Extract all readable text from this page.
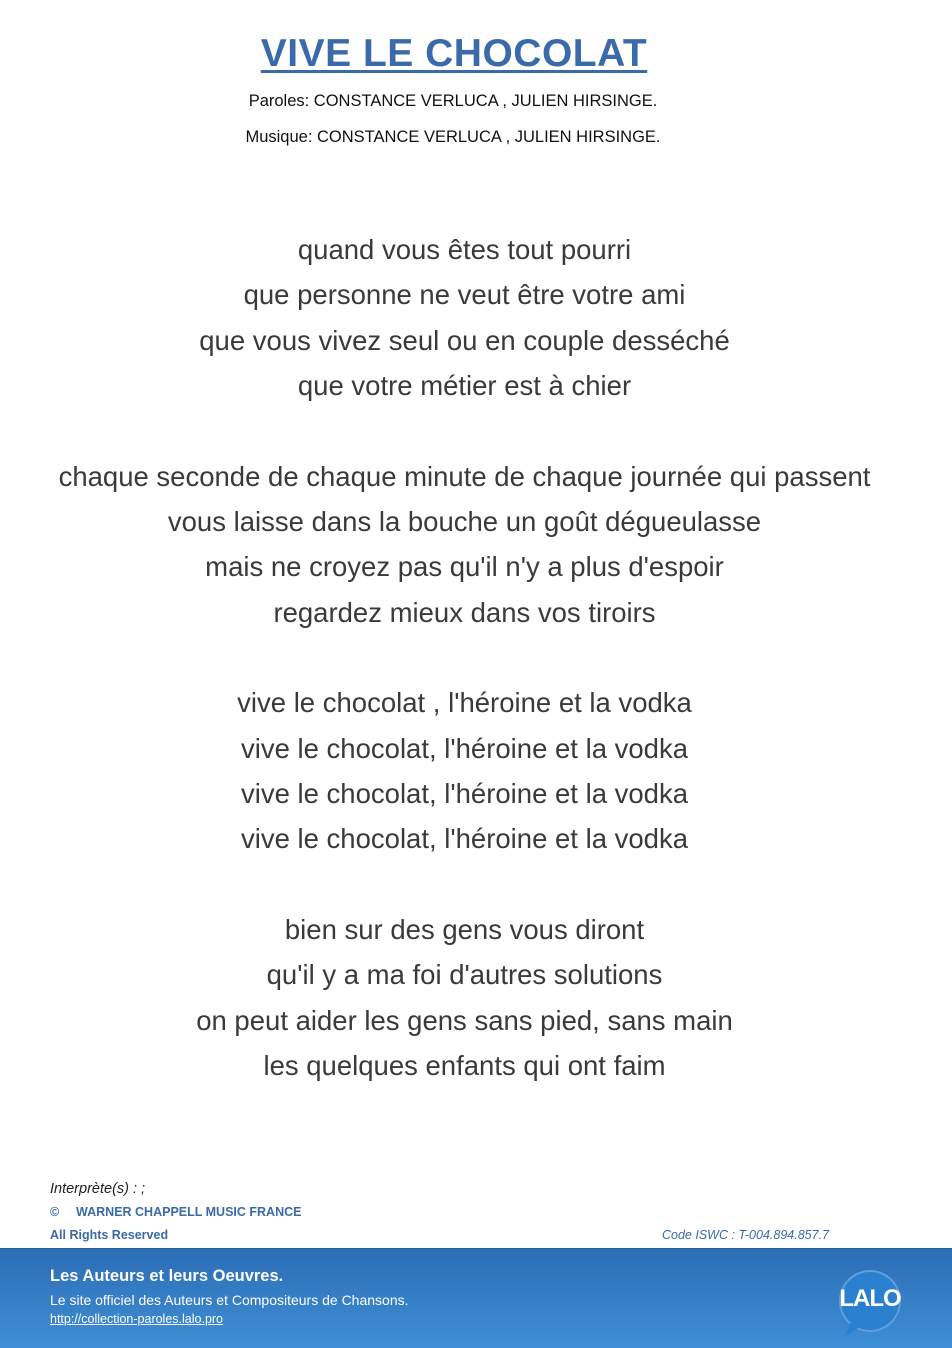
VIVE LE CHOCOLAT
Paroles: CONSTANCE VERLUCA , JULIEN HIRSINGE.
Musique: CONSTANCE VERLUCA , JULIEN HIRSINGE.
quand vous êtes tout pourri
que personne ne veut être votre ami
que vous vivez seul ou en couple desséché
que votre métier est à chier
chaque seconde de chaque minute de chaque journée qui passent
vous laisse dans la bouche un goût dégueulasse
mais ne croyez pas qu'il n'y a plus d'espoir
regardez mieux dans vos tiroirs
vive le chocolat , l'héroine et la vodka
vive le chocolat, l'héroine et la vodka
vive le chocolat, l'héroine et la vodka
vive le chocolat, l'héroine et la vodka
bien sur des gens vous diront
qu'il y a ma foi d'autres solutions
on peut aider les gens sans pied, sans main
les quelques enfants qui ont faim
Interprète(s) : ;
© WARNER CHAPPELL MUSIC FRANCE
All Rights Reserved	Code ISWC : T-004.894.857.7
Les Auteurs et leurs Oeuvres.
Le site officiel des Auteurs et Compositeurs de Chansons.
http://collection-paroles.lalo.pro
LALO
